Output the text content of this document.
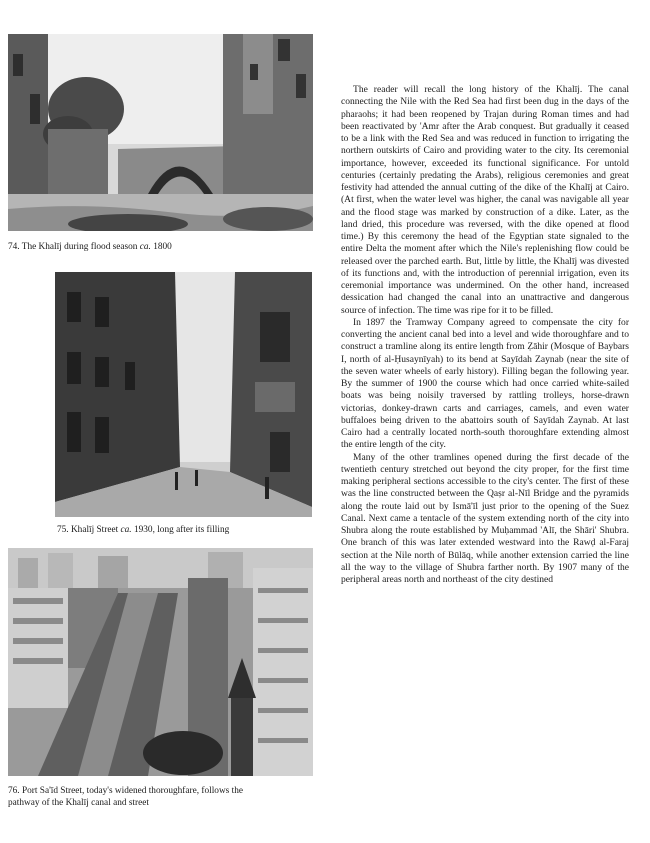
74. The Khalīj during flood season ca. 1800
75. Khalīj Street ca. 1930, long after its filling
76. Port Sa'īd Street, today's widened thoroughfare, follows the
pathway of the Khalīj canal and street

The reader will recall the long history of the Khalīj. The canal connecting the Nile with the Red Sea had first been dug in the days of the pharaohs; it had been reopened by Trajan during Roman times and had been reactivated by 'Amr after the Arab conquest. But gradually it ceased to be a link with the Red Sea and was reduced in function to irrigating the northern outskirts of Cairo and providing water to the city. Its ceremonial importance, however, exceeded its functional significance. For untold centuries (certainly predating the Arabs), religious ceremonies and great festivity had attended the annual cutting of the dike of the Khalīj at Cairo. (At first, when the water level was higher, the canal was navigable all year and the flood stage was marked by construction of a dike. Later, as the land dried, this procedure was reversed, with the dike opened at flood time.) By this ceremony the head of the Egyptian state signaled to the entire Delta the moment after which the Nile's replenishing flow could be released over the parched earth. But, little by little, the Khalīj was divested of its functions and, with the introduction of perennial irrigation, even its ceremonial importance was undermined. On the other hand, increased dessication had changed the canal into an unattractive and dangerous source of infection. The time was ripe for it to be filled.

In 1897 the Tramway Company agreed to compensate the city for converting the ancient canal bed into a level and wide thoroughfare and to construct a tramline along its entire length from Ẓāhir (Mosque of Baybars I, north of al-Ḥusaynīyah) to its bend at Sayīdah Zaynab (near the site of the seven water wheels of early history). Filling began the following year. By the summer of 1900 the course which had once carried white-sailed boats was being noisily traversed by rattling trolleys, horse-drawn victorias, donkey-drawn carts and carriages, camels, and even water buffaloes being driven to the abattoirs south of Sayīdah Zaynab. At last Cairo had a centrally located north-south thoroughfare extending almost the entire length of the city.

Many of the other tramlines opened during the first decade of the twentieth century stretched out beyond the city proper, for the first time making peripheral sections accessible to the city's center. The first of these was the line constructed between the Qaṣr al-Nīl Bridge and the pyramids along the route laid out by Ismā'īl just prior to the opening of the Suez Canal. Next came a tentacle of the system extending north of the city into Shubra along the route established by Muḥammad 'Alī, the Shāri' Shubra. One branch of this was later extended westward into the Rawḍ al-Faraj section at the Nile north of Būlāq, while another extension carried the line all the way to the village of Shubra farther north. By 1907 many of the peripheral areas north and northeast of the city destined
